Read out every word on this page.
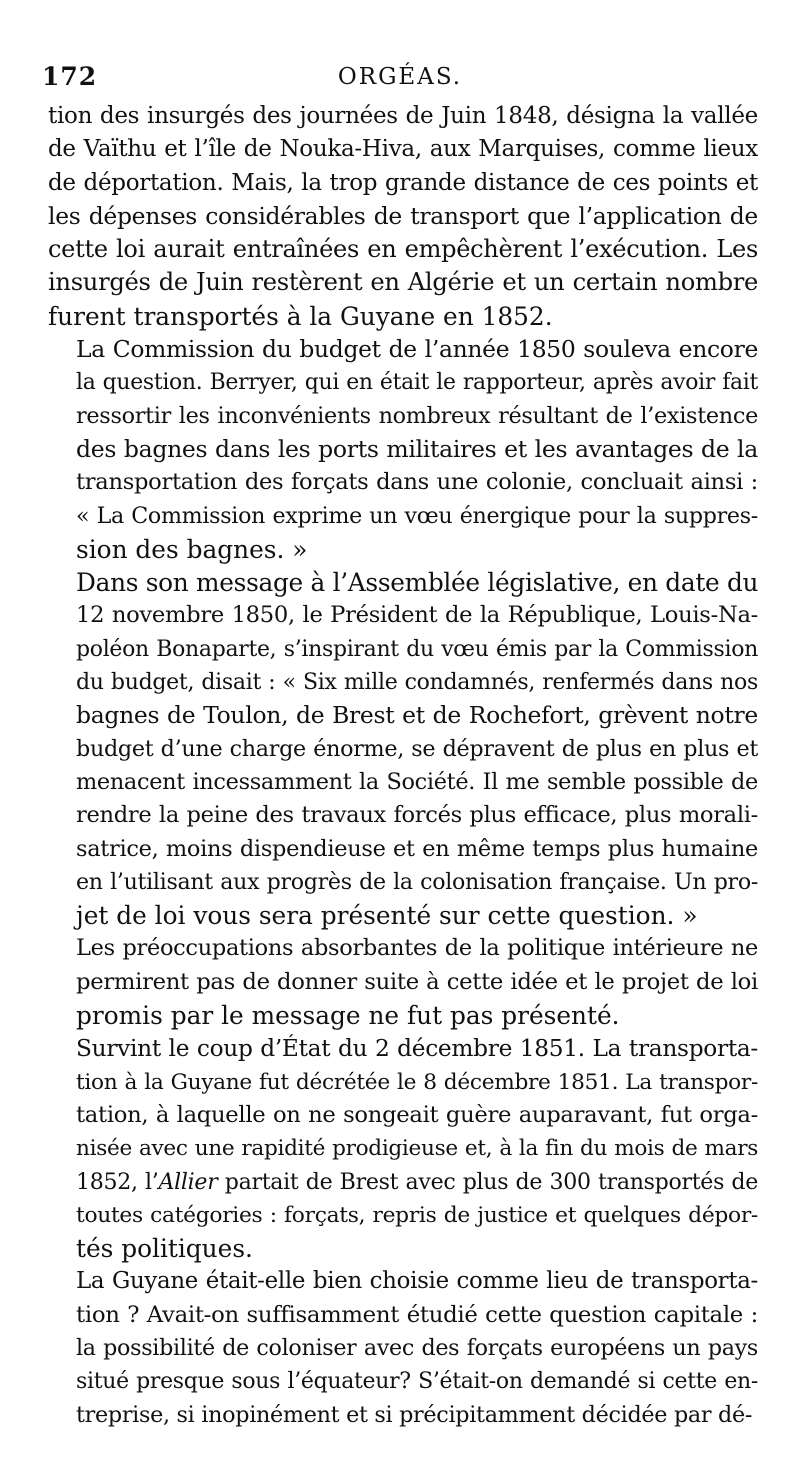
172	ORGÉAS.

tion des insurgés des journées de Juin 1848, désigna la vallée
de Vaïthu et l’île de Nouka-Hiva, aux Marquises, comme lieux
de déportation. Mais, la trop grande distance de ces points et
les dépenses considérables de transport que l’application de
cette loi aurait entraînées en empêchèrent l’exécution. Les
insurgés de Juin restèrent en Algérie et un certain nombre
furent transportés à la Guyane en 1852.

La Commission du budget de l’année 1850 souleva encore
la question. Berryer, qui en était le rapporteur, après avoir fait
ressortir les inconvénients nombreux résultant de l’existence
des bagnes dans les ports militaires et les avantages de la
transportation des forçats dans une colonie, concluait ainsi :
« La Commission exprime un vœu énergique pour la suppres-
sion des bagnes. »

Dans son message à l’Assemblée législative, en date du
12 novembre 1850, le Président de la République, Louis-Na-
poléon Bonaparte, s’inspirant du vœu émis par la Commission
du budget, disait : « Six mille condamnés, renfermés dans nos
bagnes de Toulon, de Brest et de Rochefort, grèvent notre
budget d’une charge énorme, se dépravent de plus en plus et
menacent incessamment la Société. Il me semble possible de
rendre la peine des travaux forcés plus efficace, plus morali-
satrice, moins dispendieuse et en même temps plus humaine
en l’utilisant aux progrès de la colonisation française. Un pro-
jet de loi vous sera présenté sur cette question. »

Les préoccupations absorbantes de la politique intérieure ne
permirent pas de donner suite à cette idée et le projet de loi
promis par le message ne fut pas présenté.

Survint le coup d’État du 2 décembre 1851. La transporta-
tion à la Guyane fut décrétée le 8 décembre 1851. La transpor-
tation, à laquelle on ne songeait guère auparavant, fut orga-
nisée avec une rapidité prodigieuse et, à la fin du mois de mars
1852, l’Allier partait de Brest avec plus de 300 transportés de
toutes catégories : forçats, repris de justice et quelques dépor-
tés politiques.

La Guyane était-elle bien choisie comme lieu de transporta-
tion ? Avait-on suffisamment étudié cette question capitale :
la possibilité de coloniser avec des forçats européens un pays
situé presque sous l’équateur? S’était-on demandé si cette en-
treprise, si inopinément et si précipitamment décidée par dé-
